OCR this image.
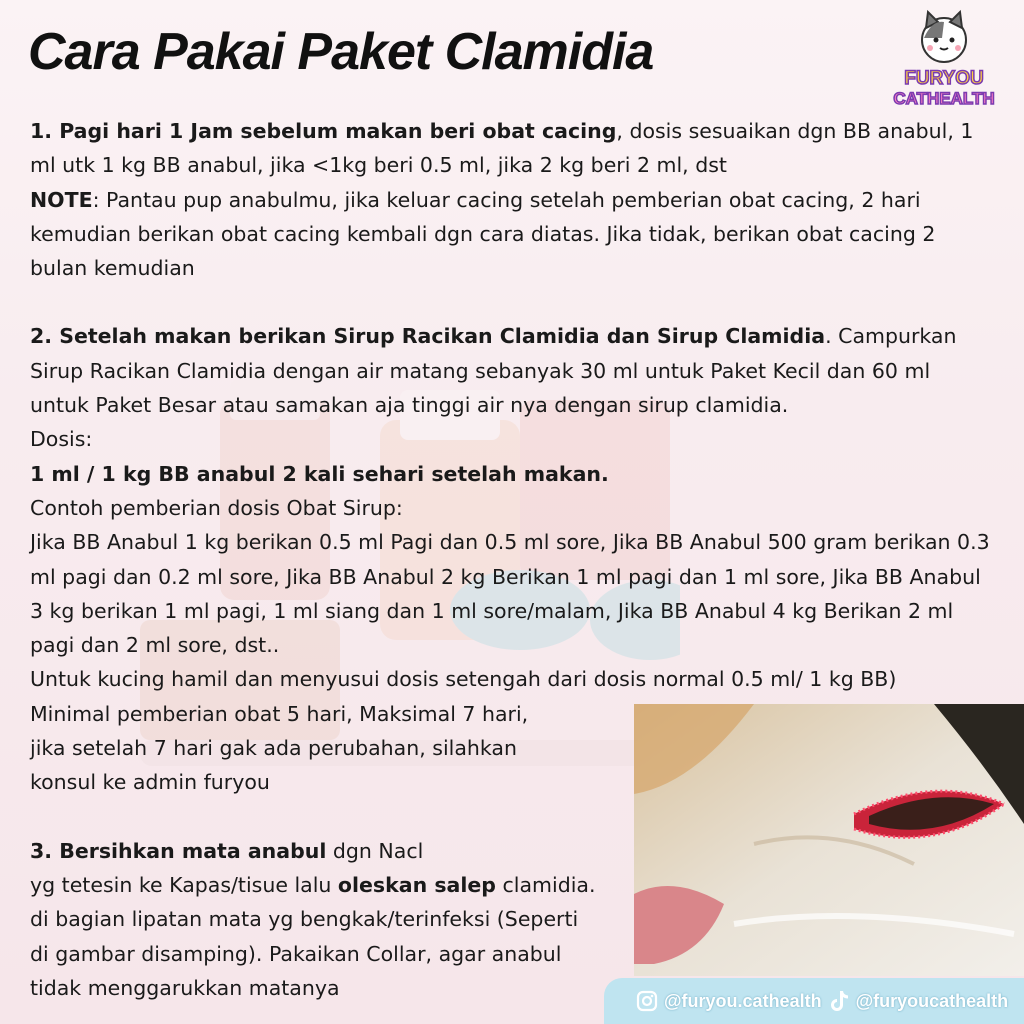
Cara Pakai Paket Clamidia	FURYOU
CATHEALTH

1. Pagi hari 1 Jam sebelum makan beri obat cacing, dosis sesuaikan dgn BB anabul, 1 ml utk 1 kg BB anabul, jika <1kg beri 0.5 ml, jika 2 kg beri 2 ml, dst

NOTE: Pantau pup anabulmu, jika keluar cacing setelah pemberian obat cacing, 2 hari kemudian berikan obat cacing kembali dgn cara diatas. Jika tidak, berikan obat cacing 2 bulan kemudian

2. Setelah makan berikan Sirup Racikan Clamidia dan Sirup Clamidia. Campurkan Sirup Racikan Clamidia dengan air matang sebanyak 30 ml untuk Paket Kecil dan 60 ml untuk Paket Besar atau samakan aja tinggi air nya dengan sirup clamidia.

Dosis:

1 ml / 1 kg BB anabul 2 kali sehari setelah makan.

Contoh pemberian dosis Obat Sirup:

Jika BB Anabul 1 kg berikan 0.5 ml Pagi dan 0.5 ml sore, Jika BB Anabul 500 gram berikan 0.3 ml pagi dan 0.2 ml sore, Jika BB Anabul 2 kg Berikan 1 ml pagi dan 1 ml sore, Jika BB Anabul 3 kg berikan 1 ml pagi, 1 ml siang dan 1 ml sore/malam, Jika BB Anabul 4 kg Berikan 2 ml pagi dan 2 ml sore, dst..

Untuk kucing hamil dan menyusui dosis setengah dari dosis normal 0.5 ml/ 1 kg BB)

Minimal pemberian obat 5 hari, Maksimal 7 hari,

jika setelah 7 hari gak ada perubahan, silahkan

konsul ke admin furyou

3. Bersihkan mata anabul dgn Nacl

yg tetesin ke Kapas/tisue lalu oleskan salep clamidia.

di bagian lipatan mata yg bengkak/terinfeksi (Seperti

di gambar disamping). Pakaikan Collar, agar anabul

tidak menggarukkan matanya

@furyou.cathealth @furyoucathealth
